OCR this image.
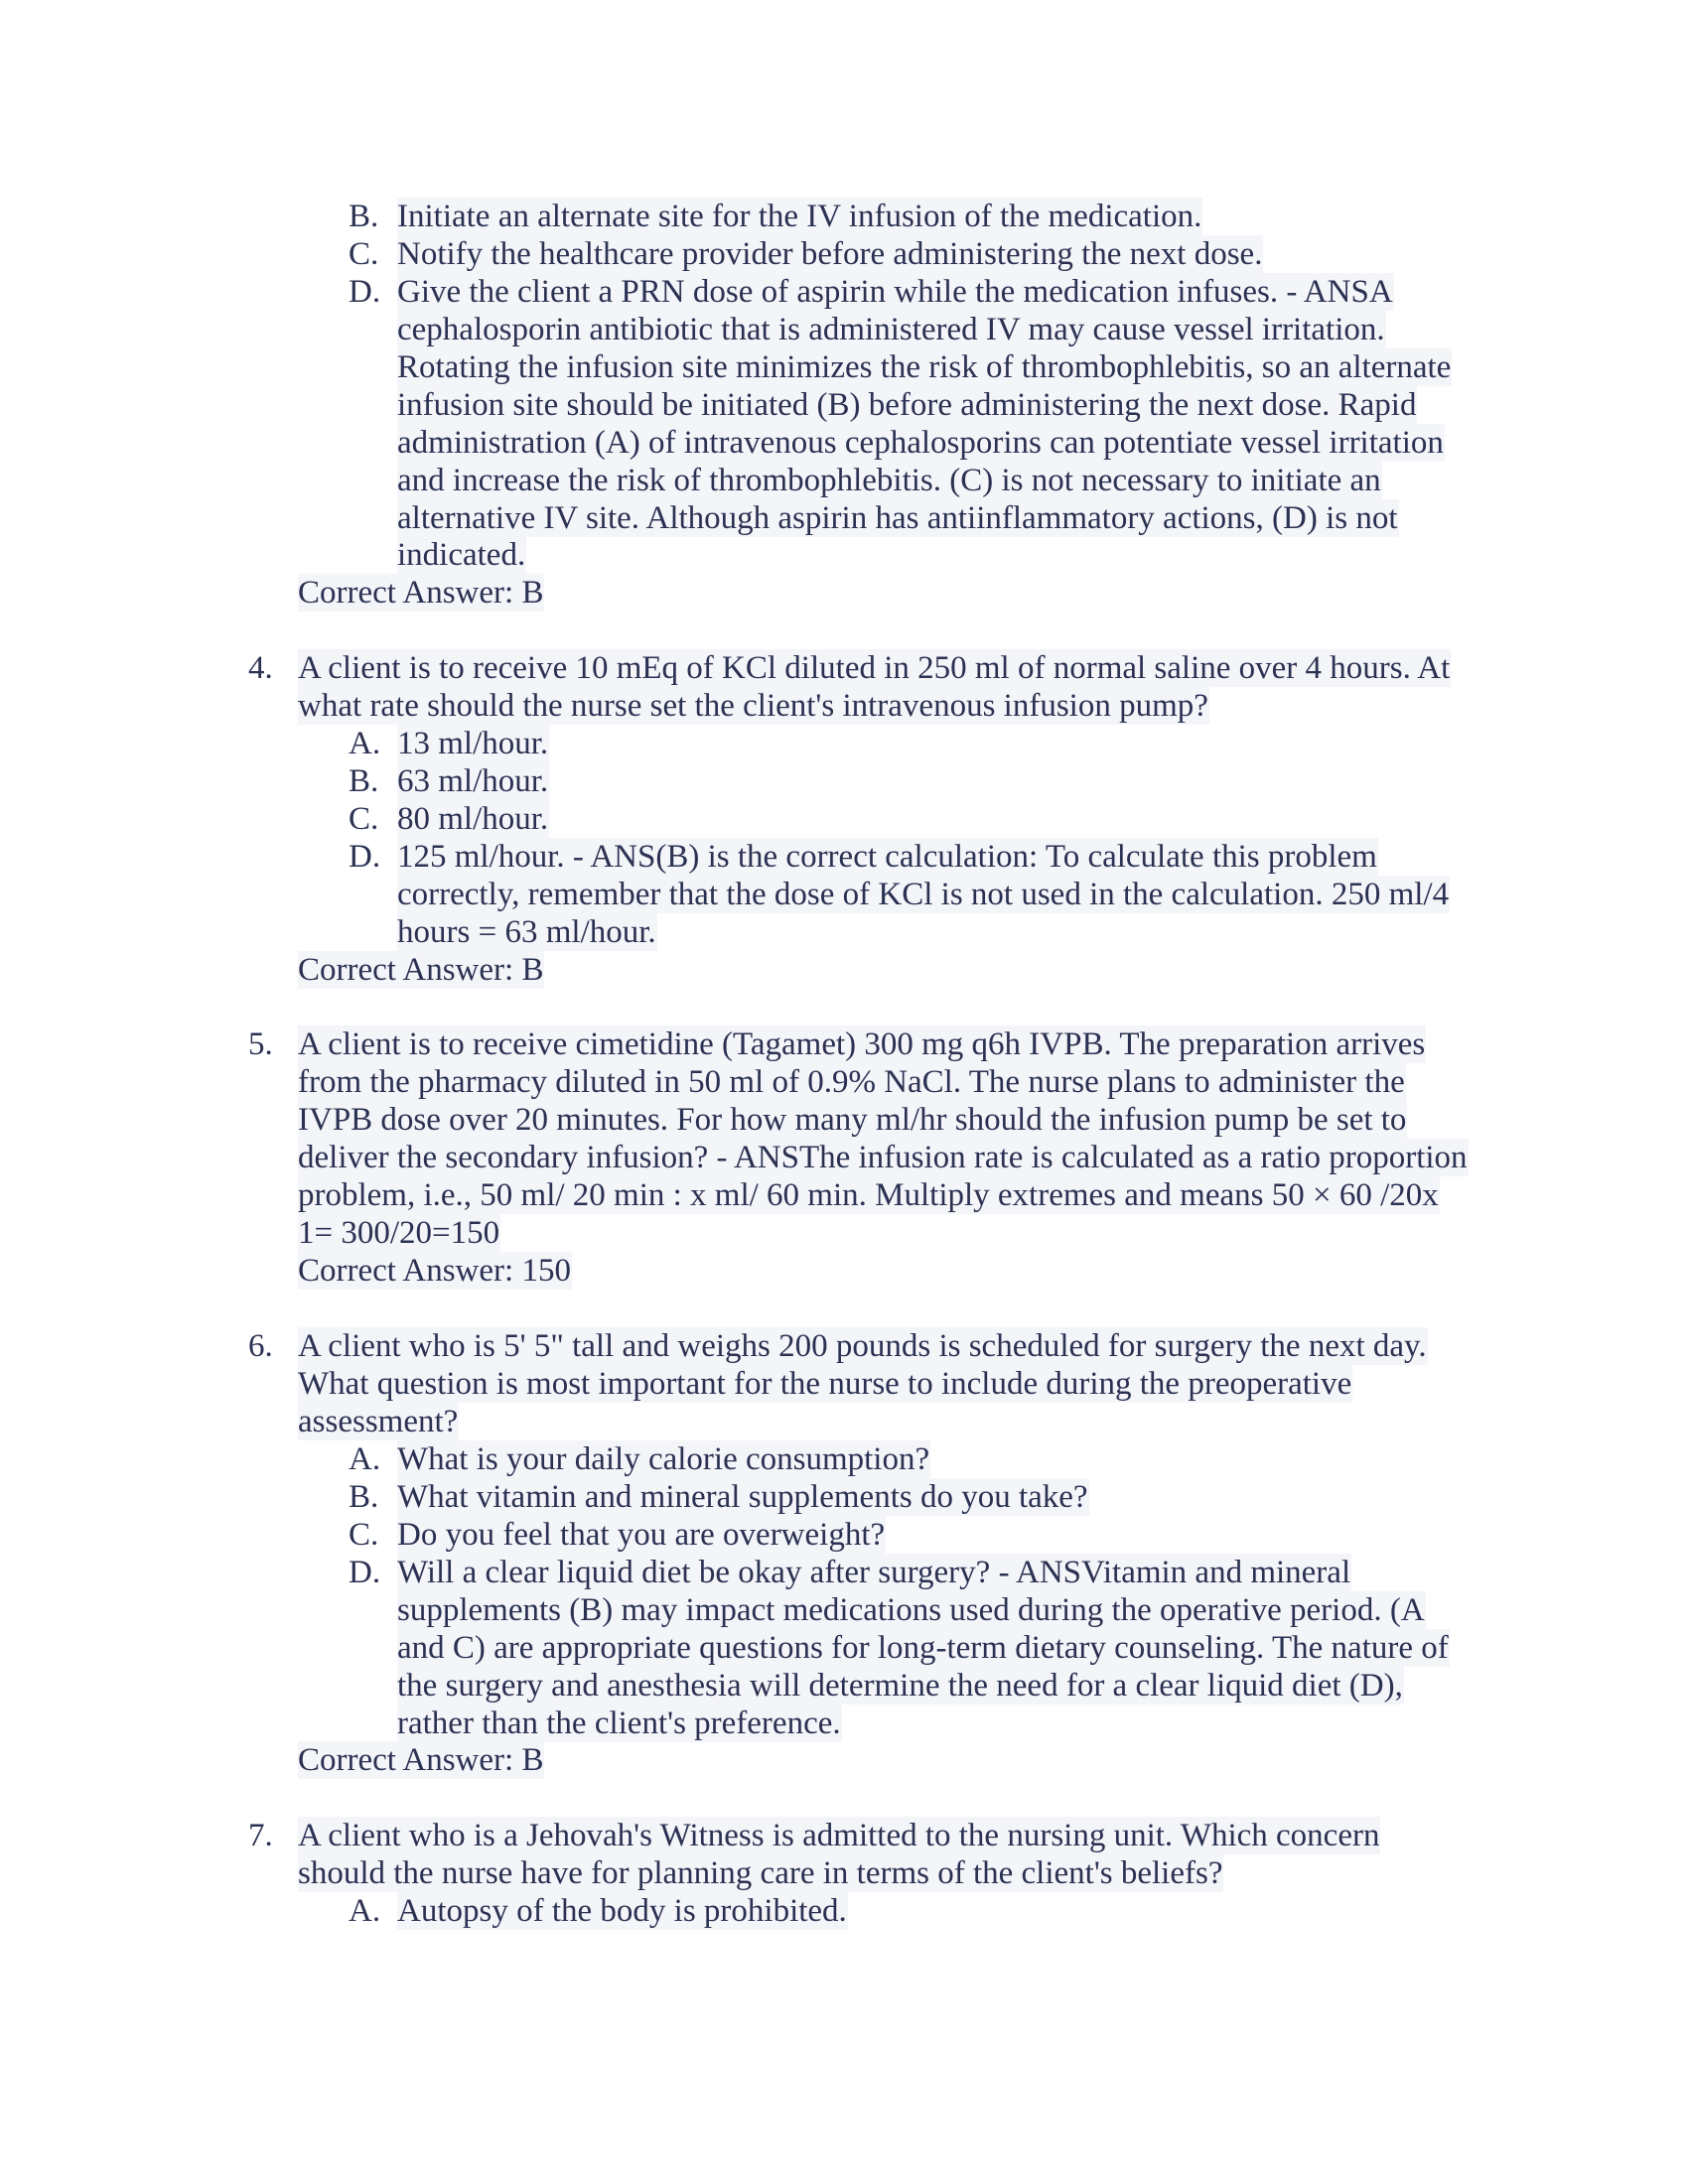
B. Initiate an alternate site for the IV infusion of the medication.
C. Notify the healthcare provider before administering the next dose.
D. Give the client a PRN dose of aspirin while the medication infuses. - ANSA
cephalosporin antibiotic that is administered IV may cause vessel irritation.
Rotating the infusion site minimizes the risk of thrombophlebitis, so an alternate
infusion site should be initiated (B) before administering the next dose. Rapid
administration (A) of intravenous cephalosporins can potentiate vessel irritation
and increase the risk of thrombophlebitis. (C) is not necessary to initiate an
alternative IV site. Although aspirin has antiinflammatory actions, (D) is not
indicated.
Correct Answer: B
4. A client is to receive 10 mEq of KCl diluted in 250 ml of normal saline over 4 hours. At
what rate should the nurse set the client's intravenous infusion pump?
A. 13 ml/hour.
B. 63 ml/hour.
C. 80 ml/hour.
D. 125 ml/hour. - ANS(B) is the correct calculation: To calculate this problem
correctly, remember that the dose of KCl is not used in the calculation. 250 ml/4
hours = 63 ml/hour.
Correct Answer: B
5. A client is to receive cimetidine (Tagamet) 300 mg q6h IVPB. The preparation arrives
from the pharmacy diluted in 50 ml of 0.9% NaCl. The nurse plans to administer the
IVPB dose over 20 minutes. For how many ml/hr should the infusion pump be set to
deliver the secondary infusion? - ANSThe infusion rate is calculated as a ratio proportion
problem, i.e., 50 ml/ 20 min : x ml/ 60 min. Multiply extremes and means 50 × 60 /20x
1= 300/20=150
Correct Answer: 150
6. A client who is 5' 5" tall and weighs 200 pounds is scheduled for surgery the next day.
What question is most important for the nurse to include during the preoperative
assessment?
A. What is your daily calorie consumption?
B. What vitamin and mineral supplements do you take?
C. Do you feel that you are overweight?
D. Will a clear liquid diet be okay after surgery? - ANSVitamin and mineral
supplements (B) may impact medications used during the operative period. (A
and C) are appropriate questions for long-term dietary counseling. The nature of
the surgery and anesthesia will determine the need for a clear liquid diet (D),
rather than the client's preference.
Correct Answer: B
7. A client who is a Jehovah's Witness is admitted to the nursing unit. Which concern
should the nurse have for planning care in terms of the client's beliefs?
A. Autopsy of the body is prohibited.
